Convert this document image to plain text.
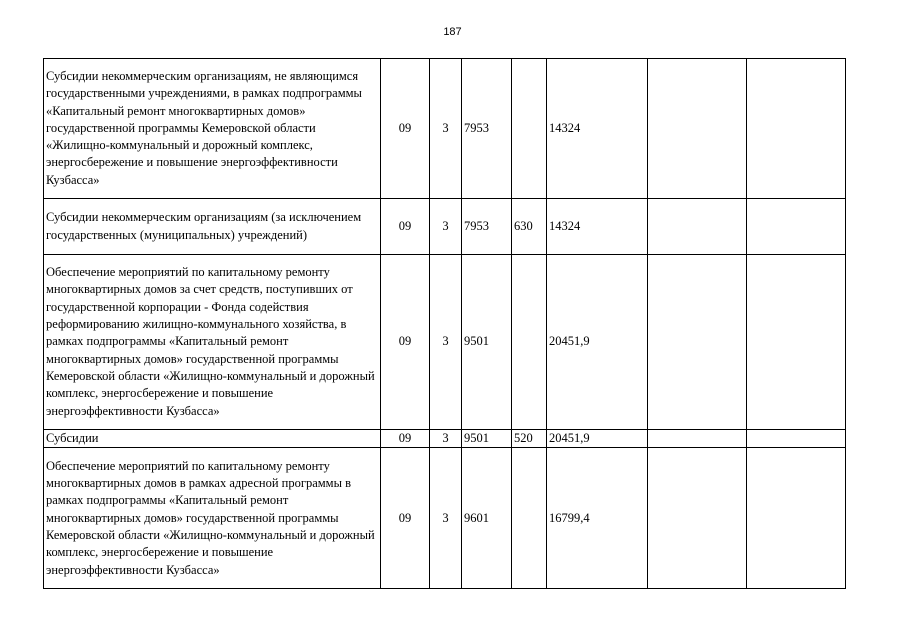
187
Субсидии некоммерческим организациям, не являющимся государственными учреждениями, в рамках подпрограммы «Капитальный ремонт многоквартирных домов» государственной программы Кемеровской области «Жилищно-коммунальный и дорожный комплекс, энергосбережение и повышение энергоэффективности Кузбасса»	09	3	7953		14324		
Субсидии некоммерческим организациям (за исключением государственных (муниципальных) учреждений)	09	3	7953	630	14324		
Обеспечение мероприятий по капитальному ремонту многоквартирных домов за счет средств, поступивших от государственной корпорации - Фонда содействия реформированию жилищно-коммунального хозяйства, в рамках подпрограммы «Капитальный ремонт многоквартирных домов» государственной программы Кемеровской области «Жилищно-коммунальный и дорожный комплекс, энергосбережение и повышение энергоэффективности Кузбасса»	09	3	9501		20451,9		
Субсидии	09	3	9501	520	20451,9		
Обеспечение мероприятий по капитальному ремонту многоквартирных домов в рамках адресной программы в рамках подпрограммы «Капитальный ремонт многоквартирных домов» государственной программы Кемеровской области «Жилищно-коммунальный и дорожный комплекс, энергосбережение и повышение энергоэффективности Кузбасса»	09	3	9601		16799,4		
